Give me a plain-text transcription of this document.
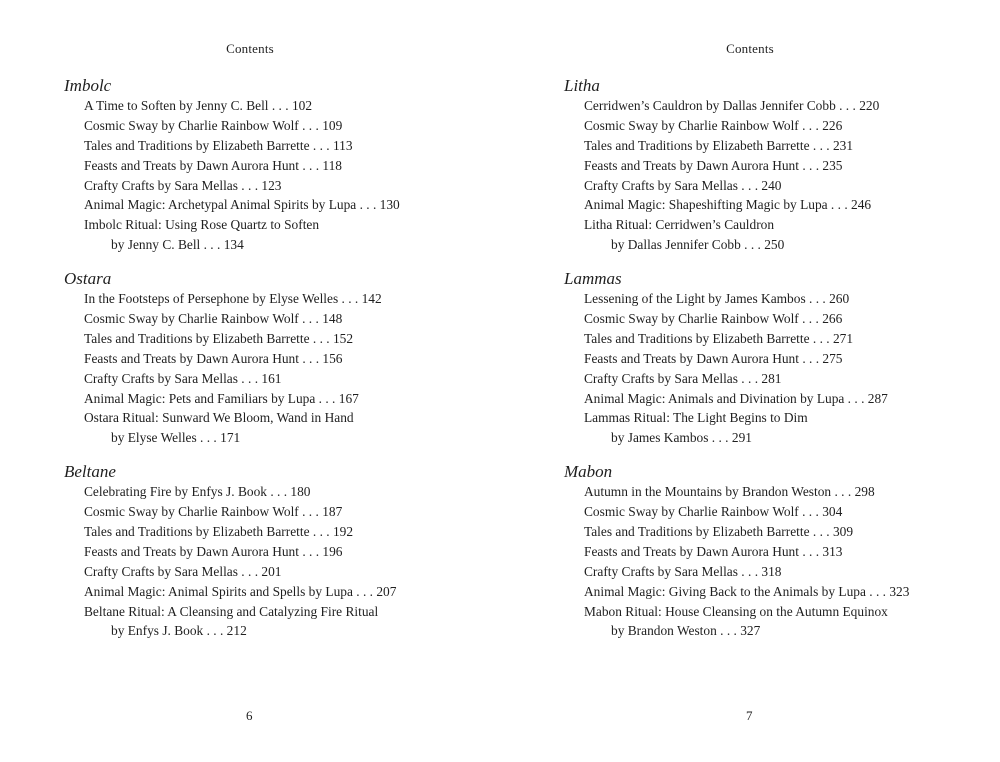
Contents
Imbolc
A Time to Soften by Jenny C. Bell . . . 102
Cosmic Sway by Charlie Rainbow Wolf . . . 109
Tales and Traditions by Elizabeth Barrette . . . 113
Feasts and Treats by Dawn Aurora Hunt . . . 118
Crafty Crafts by Sara Mellas . . . 123
Animal Magic: Archetypal Animal Spirits by Lupa . . . 130
Imbolc Ritual: Using Rose Quartz to Soften
by Jenny C. Bell . . . 134
Ostara
In the Footsteps of Persephone by Elyse Welles . . . 142
Cosmic Sway by Charlie Rainbow Wolf . . . 148
Tales and Traditions by Elizabeth Barrette . . . 152
Feasts and Treats by Dawn Aurora Hunt . . . 156
Crafty Crafts by Sara Mellas . . . 161
Animal Magic: Pets and Familiars by Lupa . . . 167
Ostara Ritual: Sunward We Bloom, Wand in Hand
by Elyse Welles . . . 171
Beltane
Celebrating Fire by Enfys J. Book . . . 180
Cosmic Sway by Charlie Rainbow Wolf . . . 187
Tales and Traditions by Elizabeth Barrette . . . 192
Feasts and Treats by Dawn Aurora Hunt . . . 196
Crafty Crafts by Sara Mellas . . . 201
Animal Magic: Animal Spirits and Spells by Lupa . . . 207
Beltane Ritual: A Cleansing and Catalyzing Fire Ritual
by Enfys J. Book . . . 212
6
Contents
Litha
Cerridwen’s Cauldron by Dallas Jennifer Cobb . . . 220
Cosmic Sway by Charlie Rainbow Wolf . . . 226
Tales and Traditions by Elizabeth Barrette . . . 231
Feasts and Treats by Dawn Aurora Hunt . . . 235
Crafty Crafts by Sara Mellas . . . 240
Animal Magic: Shapeshifting Magic by Lupa . . . 246
Litha Ritual: Cerridwen’s Cauldron
by Dallas Jennifer Cobb . . . 250
Lammas
Lessening of the Light by James Kambos . . . 260
Cosmic Sway by Charlie Rainbow Wolf . . . 266
Tales and Traditions by Elizabeth Barrette . . . 271
Feasts and Treats by Dawn Aurora Hunt . . . 275
Crafty Crafts by Sara Mellas . . . 281
Animal Magic: Animals and Divination by Lupa . . . 287
Lammas Ritual: The Light Begins to Dim
by James Kambos . . . 291
Mabon
Autumn in the Mountains by Brandon Weston . . . 298
Cosmic Sway by Charlie Rainbow Wolf . . . 304
Tales and Traditions by Elizabeth Barrette . . . 309
Feasts and Treats by Dawn Aurora Hunt . . . 313
Crafty Crafts by Sara Mellas . . . 318
Animal Magic: Giving Back to the Animals by Lupa . . . 323
Mabon Ritual: House Cleansing on the Autumn Equinox
by Brandon Weston . . . 327
7
